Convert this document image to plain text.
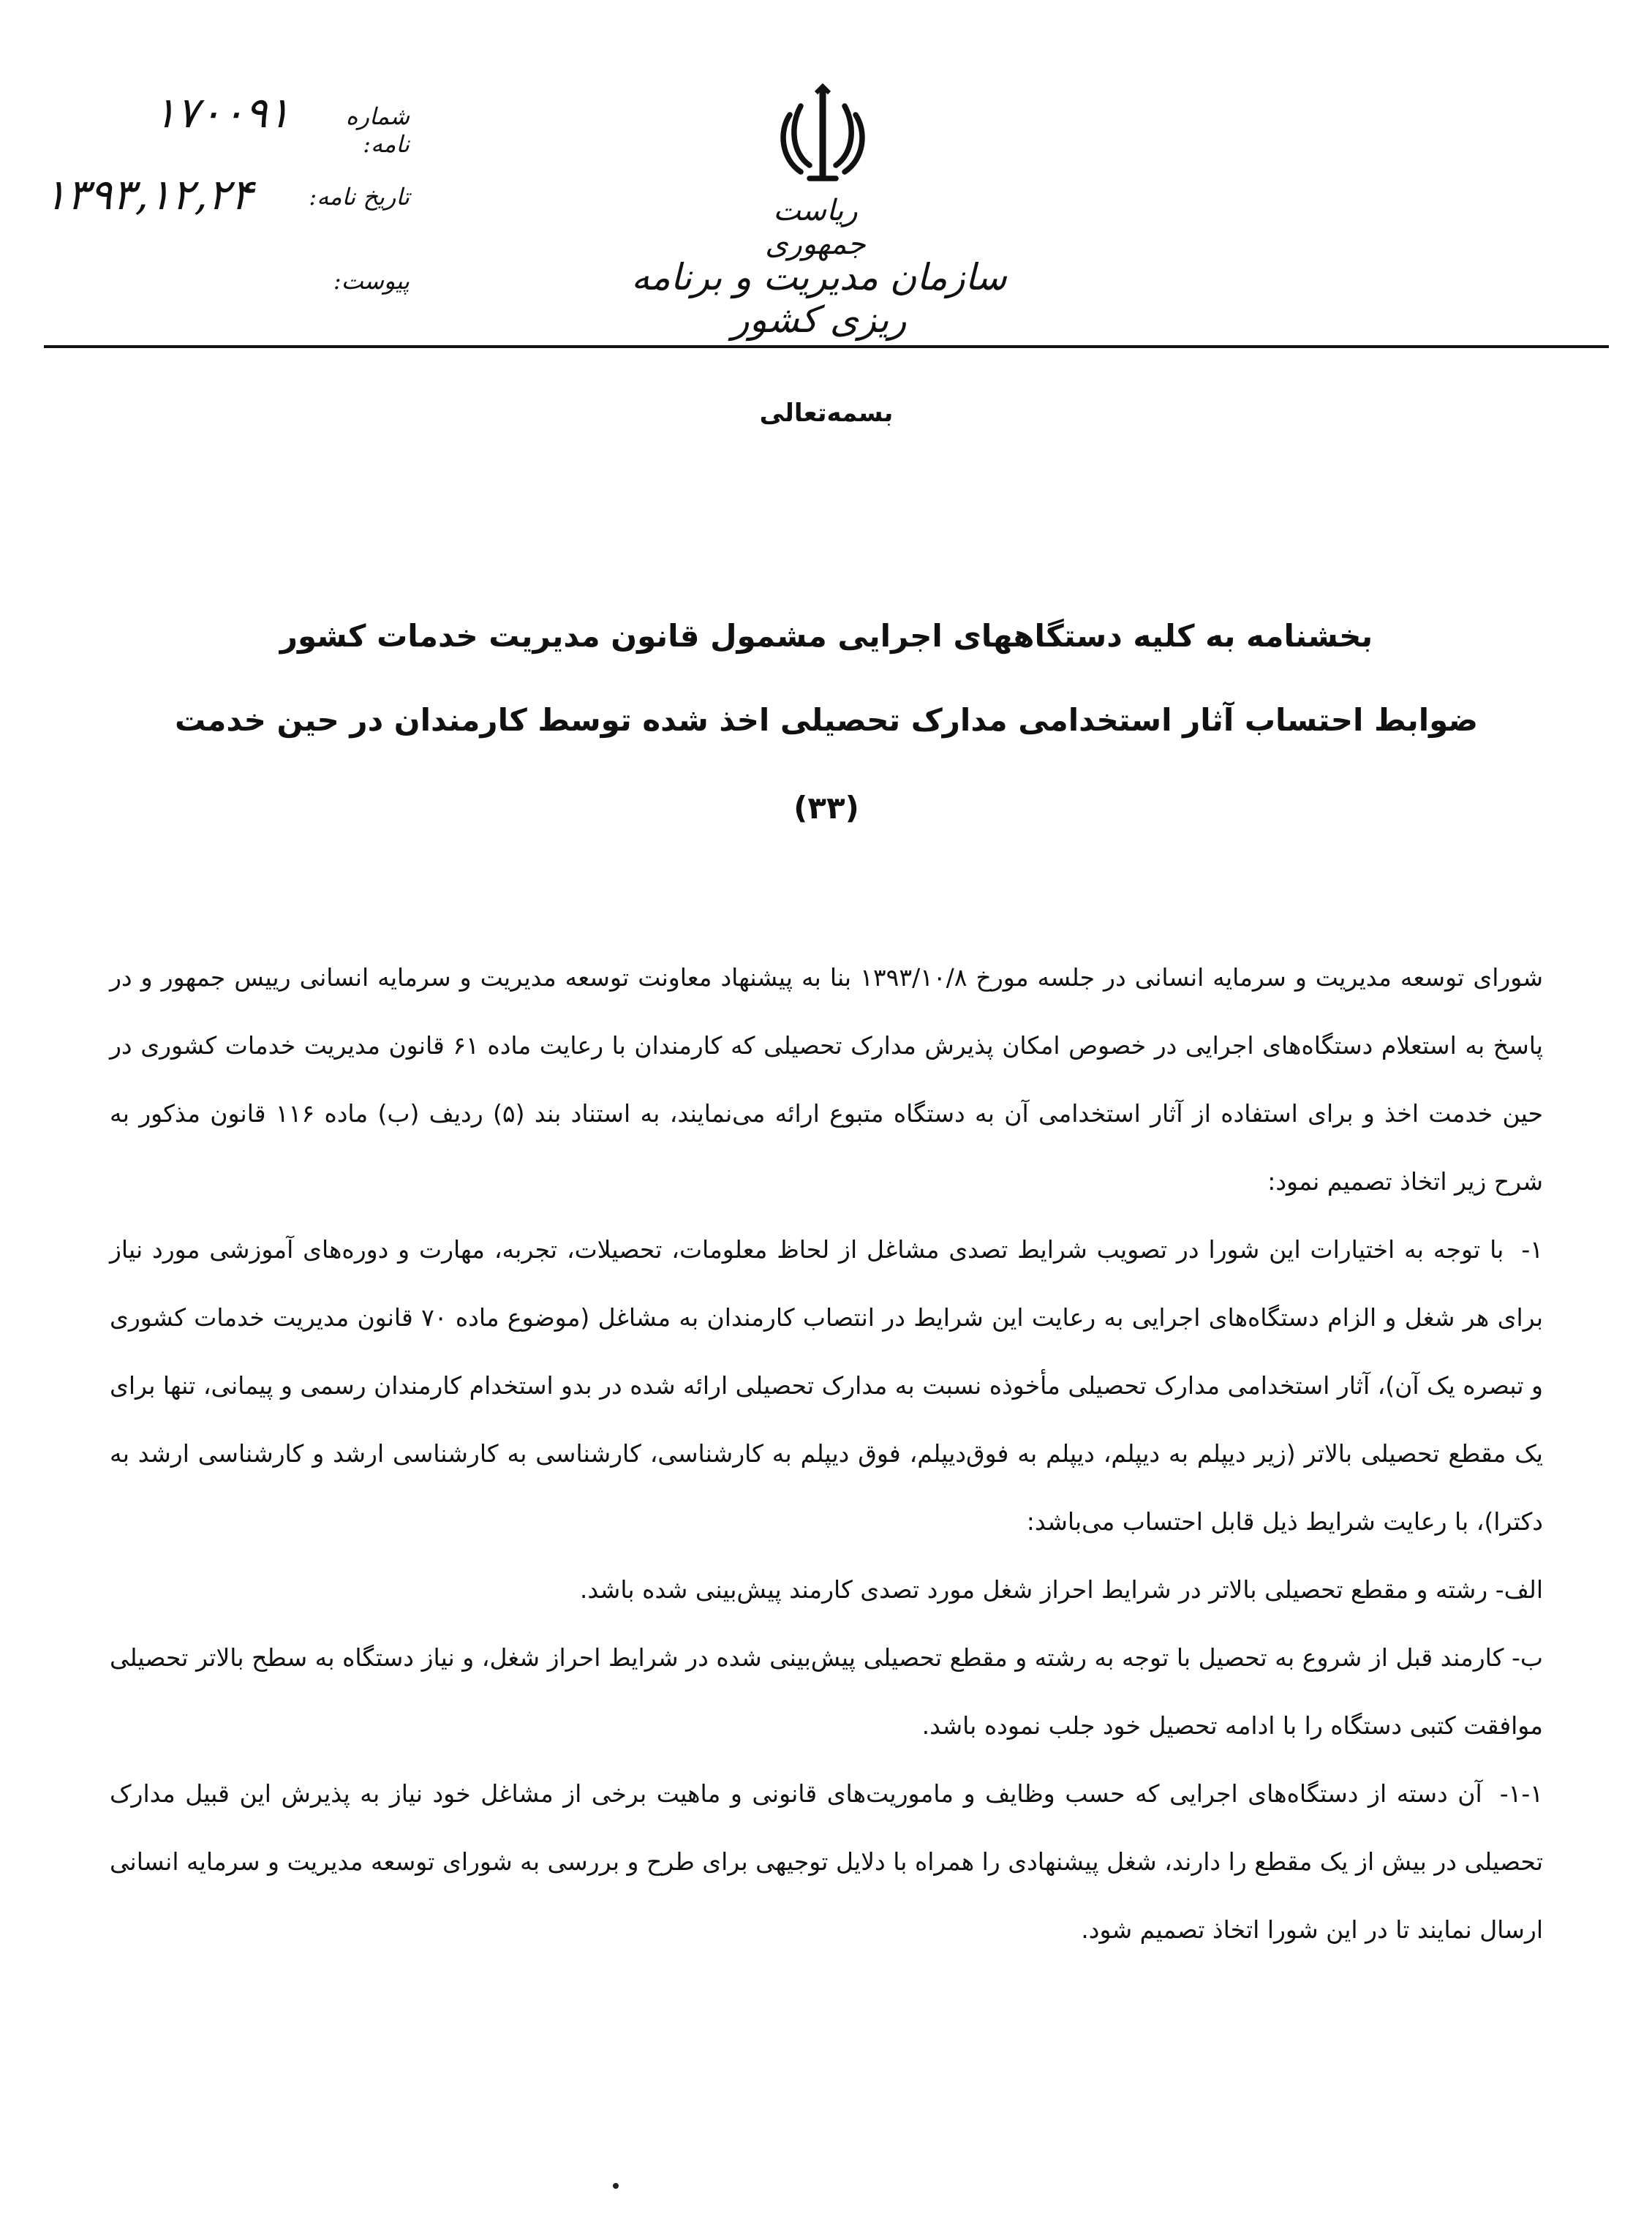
ریاست جمهوری
سازمان مدیریت و برنامه ریزی کشور
شماره نامه:
۱۷۰۰۹۱
تاریخ نامه:
۱۳۹۳,۱۲,۲۴
پیوست:
بسمه‌تعالی
بخشنامه به کلیه دستگاههای اجرایی مشمول قانون مدیریت خدمات کشور
ضوابط احتساب آثار استخدامی مدارک تحصیلی اخذ شده توسط کارمندان در حین خدمت
(۳۳)

شورای توسعه مدیریت و سرمایه انسانی در جلسه مورخ ۱۳۹۳/۱۰/۸ بنا به پیشنهاد معاونت توسعه مدیریت و سرمایه انسانی رییس جمهور و در پاسخ به استعلام دستگاه‌های اجرایی در خصوص امکان پذیرش مدارک تحصیلی که کارمندان با رعایت ماده ۶۱ قانون مدیریت خدمات کشوری در حین خدمت اخذ و برای استفاده از آثار استخدامی آن به دستگاه متبوع ارائه می‌نمایند، به استناد بند (۵) ردیف (ب) ماده ۱۱۶ قانون مذکور به شرح زیر اتخاذ تصمیم نمود:

۱-با توجه به اختیارات این شورا در تصویب شرایط تصدی مشاغل از لحاظ معلومات، تحصیلات، تجربه، مهارت و دوره‌های آموزشی مورد نیاز برای هر شغل و الزام دستگاه‌های اجرایی به رعایت این شرایط در انتصاب کارمندان به مشاغل (موضوع ماده ۷۰ قانون مدیریت خدمات کشوری و تبصره یک آن)، آثار استخدامی مدارک تحصیلی مأخوذه نسبت به مدارک تحصیلی ارائه شده در بدو استخدام کارمندان رسمی و پیمانی، تنها برای یک مقطع تحصیلی بالاتر (زیر دیپلم به دیپلم، دیپلم به فوق‌دیپلم، فوق دیپلم به کارشناسی، کارشناسی به کارشناسی ارشد و کارشناسی ارشد به دکترا)، با رعایت شرایط ذیل قابل احتساب می‌باشد:

الف- رشته و مقطع تحصیلی بالاتر در شرایط احراز شغل مورد تصدی کارمند پیش‌بینی شده باشد.

ب- کارمند قبل از شروع به تحصیل با توجه به رشته و مقطع تحصیلی پیش‌بینی شده در شرایط احراز شغل، و نیاز دستگاه به سطح بالاتر تحصیلی موافقت کتبی دستگاه را با ادامه تحصیل خود جلب نموده باشد.

۱-۱-آن دسته از دستگاه‌های اجرایی که حسب وظایف و ماموریت‌های قانونی و ماهیت برخی از مشاغل خود نیاز به پذیرش این قبیل مدارک تحصیلی در بیش از یک مقطع را دارند، شغل پیشنهادی را همراه با دلایل توجیهی برای طرح و بررسی به شورای توسعه مدیریت و سرمایه انسانی ارسال نمایند تا در این شورا اتخاذ تصمیم شود.
